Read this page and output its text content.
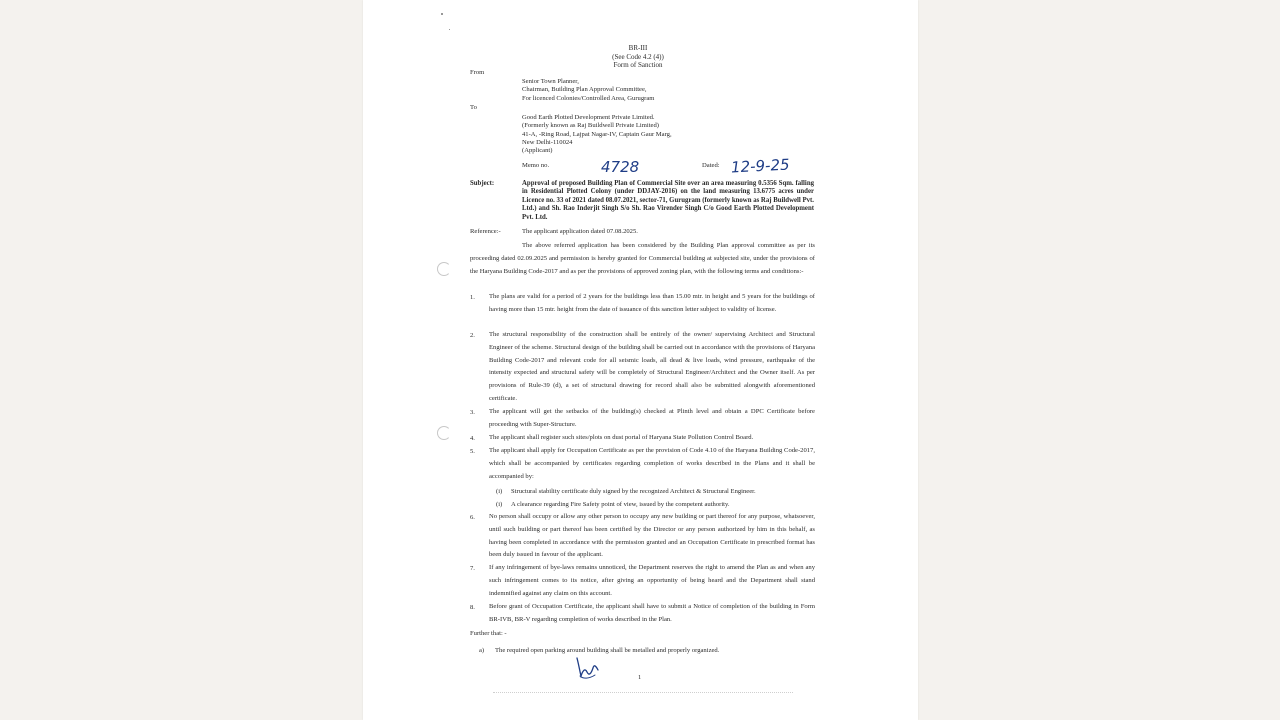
BR-III
(See Code 4.2 (4))
Form of Sanction
From
Senior Town Planner,
Chairman, Building Plan Approval Committee,
For licenced Colonies/Controlled Area, Gurugram
To
Good Earth Plotted Development Private Limited.
(Formerly known as Raj Buildwell Private Limited)
41-A, -Ring Road, Lajpat Nagar-IV, Captain Gaur Marg,
New Delhi-110024
(Applicant)
Memo no.	4728	Dated: 12-9-25
Subject:	Approval of proposed Building Plan of Commercial Site over an area measuring 0.5356 Sqm. falling in Residential Plotted Colony (under DDJAY-2016) on the land measuring 13.6775 acres under Licence no. 33 of 2021 dated 08.07.2021, sector-71, Gurugram (formerly known as Raj Buildwell Pvt. Ltd.) and Sh. Rao Inderjit Singh S/o Sh. Rao Virender Singh C/o Good Earth Plotted Development Pvt. Ltd.
Reference:-	The applicant application dated 07.08.2025.
The above referred application has been considered by the Building Plan approval committee as per its proceeding dated 02.09.2025 and permission is hereby granted for Commercial building at subjected site, under the provisions of the Haryana Building Code-2017 and as per the provisions of approved zoning plan, with the following terms and conditions:-
1. The plans are valid for a period of 2 years for the buildings less than 15.00 mtr. in height and 5 years for the buildings of having more than 15 mtr. height from the date of issuance of this sanction letter subject to validity of license.
2. The structural responsibility of the construction shall be entirely of the owner/ supervising Architect and Structural Engineer of the scheme. Structural design of the building shall be carried out in accordance with the provisions of Haryana Building Code-2017 and relevant code for all seismic loads, all dead & live loads, wind pressure, earthquake of the intensity expected and structural safety will be completely of Structural Engineer/Architect and the Owner itself. As per provisions of Rule-39 (d), a set of structural drawing for record shall also be submitted alongwith aforementioned certificate.
3. The applicant will get the setbacks of the building(s) checked at Plinth level and obtain a DPC Certificate before proceeding with Super-Structure.
4. The applicant shall register such sites/plots on dust portal of Haryana State Pollution Control Board.
5. The applicant shall apply for Occupation Certificate as per the provision of Code 4.10 of the Haryana Building Code-2017, which shall be accompanied by certificates regarding completion of works described in the Plans and it shall be accompanied by:
(i) Structural stability certificate duly signed by the recognized Architect & Structural Engineer.
(i) A clearance regarding Fire Safety point of view, issued by the competent authority.
6. No person shall occupy or allow any other person to occupy any new building or part thereof for any purpose, whatsoever, until such building or part thereof has been certified by the Director or any person authorized by him in this behalf, as having been completed in accordance with the permission granted and an Occupation Certificate in prescribed format has been duly issued in favour of the applicant.
7. If any infringement of bye-laws remains unnoticed, the Department reserves the right to amend the Plan as and when any such infringement comes to its notice, after giving an opportunity of being heard and the Department shall stand indemnified against any claim on this account.
8. Before grant of Occupation Certificate, the applicant shall have to submit a Notice of completion of the building in Form BR-IVB, BR-V regarding completion of works described in the Plan.
Further that: -
a) The required open parking around building shall be metalled and properly organized.
1
